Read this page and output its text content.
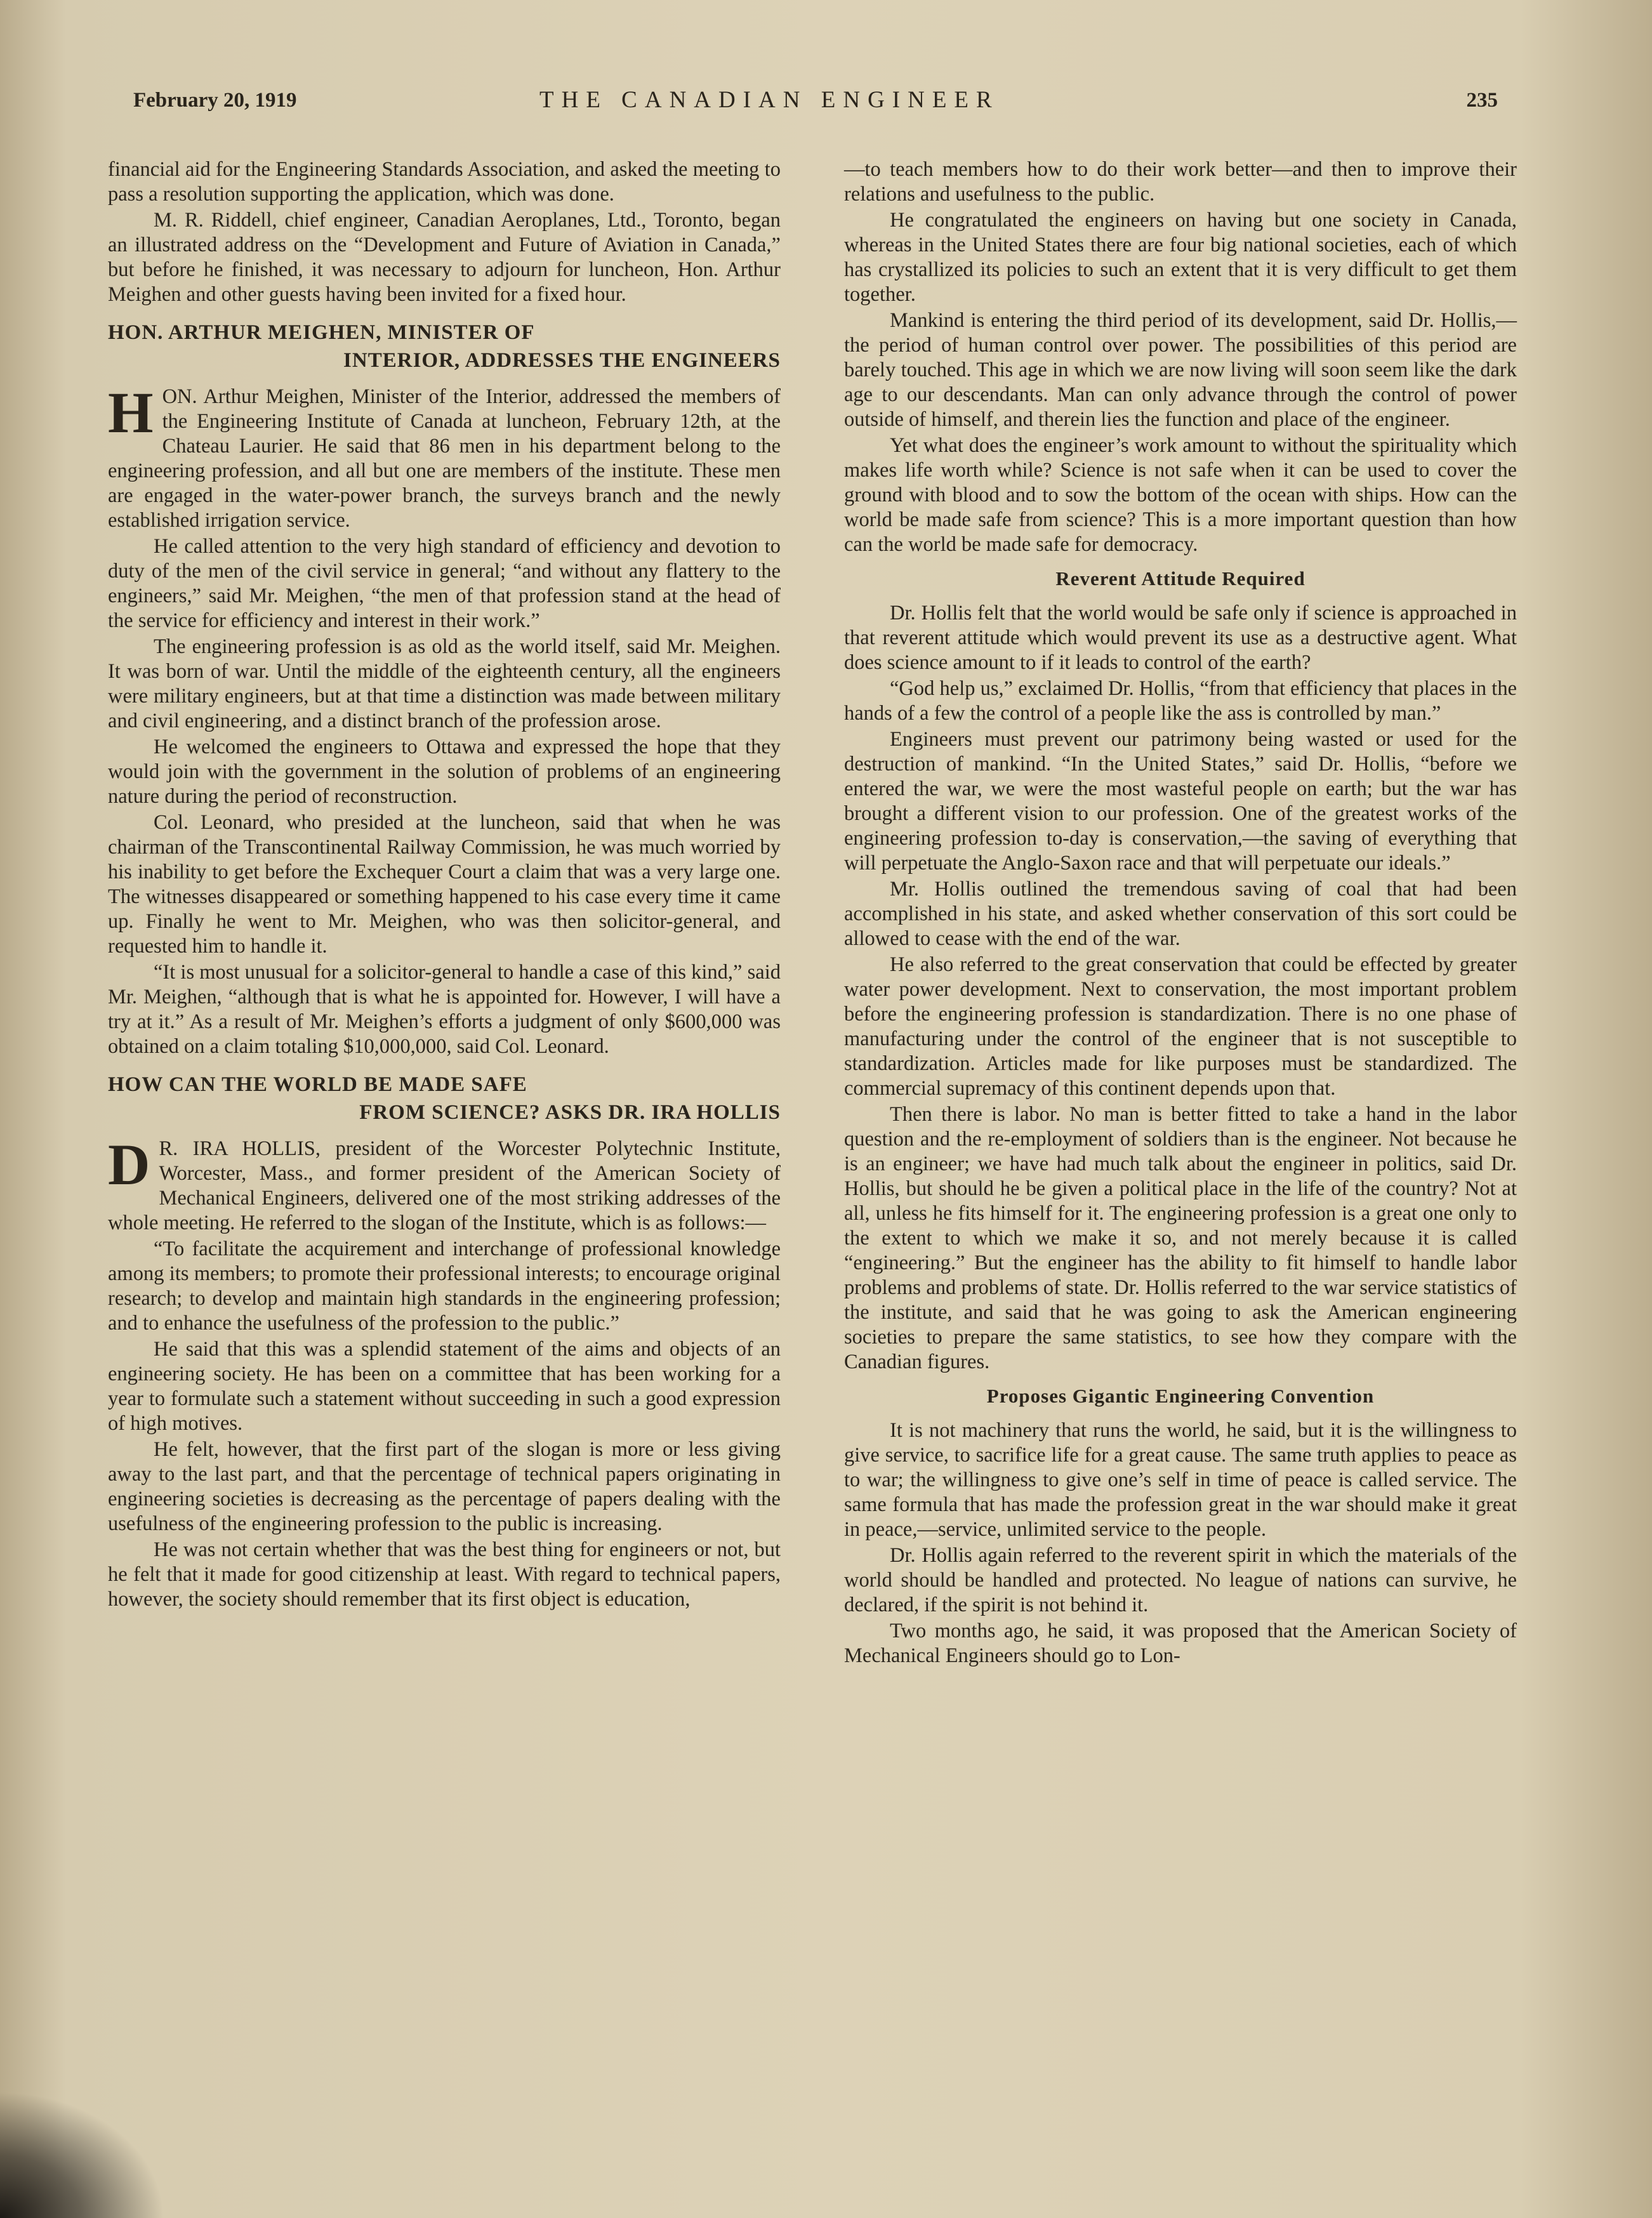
February 20, 1919	THE CANADIAN ENGINEER	235

financial aid for the Engineering Standards Association, and asked the meeting to pass a resolution supporting the application, which was done.

M. R. Riddell, chief engineer, Canadian Aeroplanes, Ltd., Toronto, began an illustrated address on the “Development and Future of Aviation in Canada,” but before he finished, it was necessary to adjourn for luncheon, Hon. Arthur Meighen and other guests having been invited for a fixed hour.

HON. ARTHUR MEIGHEN, MINISTER OF
INTERIOR, ADDRESSES THE ENGINEERS

HON. Arthur Meighen, Minister of the Interior, addressed the members of the Engineering Institute of Canada at luncheon, February 12th, at the Chateau Laurier. He said that 86 men in his department belong to the engineering profession, and all but one are members of the institute. These men are engaged in the water-power branch, the surveys branch and the newly established irrigation service.

He called attention to the very high standard of efficiency and devotion to duty of the men of the civil service in general; “and without any flattery to the engineers,” said Mr. Meighen, “the men of that profession stand at the head of the service for efficiency and interest in their work.”

The engineering profession is as old as the world itself, said Mr. Meighen. It was born of war. Until the middle of the eighteenth century, all the engineers were military engineers, but at that time a distinction was made between military and civil engineering, and a distinct branch of the profession arose.

He welcomed the engineers to Ottawa and expressed the hope that they would join with the government in the solution of problems of an engineering nature during the period of reconstruction.

Col. Leonard, who presided at the luncheon, said that when he was chairman of the Transcontinental Railway Commission, he was much worried by his inability to get before the Exchequer Court a claim that was a very large one. The witnesses disappeared or something happened to his case every time it came up. Finally he went to Mr. Meighen, who was then solicitor-general, and requested him to handle it.

“It is most unusual for a solicitor-general to handle a case of this kind,” said Mr. Meighen, “although that is what he is appointed for. However, I will have a try at it.” As a result of Mr. Meighen’s efforts a judgment of only $600,000 was obtained on a claim totaling $10,000,000, said Col. Leonard.

HOW CAN THE WORLD BE MADE SAFE
FROM SCIENCE? ASKS DR. IRA HOLLIS

D R. IRA HOLLIS, president of the Worcester Polytechnic Institute, Worcester, Mass., and former president of the American Society of Mechanical Engineers, delivered one of the most striking addresses of the whole meeting. He referred to the slogan of the Institute, which is as follows:—

“To facilitate the acquirement and interchange of professional knowledge among its members; to promote their professional interests; to encourage original research; to develop and maintain high standards in the engineering profession; and to enhance the usefulness of the profession to the public.”

He said that this was a splendid statement of the aims and objects of an engineering society. He has been on a committee that has been working for a year to formulate such a statement without succeeding in such a good expression of high motives.

He felt, however, that the first part of the slogan is more or less giving away to the last part, and that the percentage of technical papers originating in engineering societies is decreasing as the percentage of papers dealing with the usefulness of the engineering profession to the public is increasing.

He was not certain whether that was the best thing for engineers or not, but he felt that it made for good citizenship at least. With regard to technical papers, however, the society should remember that its first object is education,

—to teach members how to do their work better—and then to improve their relations and usefulness to the public.

He congratulated the engineers on having but one society in Canada, whereas in the United States there are four big national societies, each of which has crystallized its policies to such an extent that it is very difficult to get them together.

Mankind is entering the third period of its development, said Dr. Hollis,—the period of human control over power. The possibilities of this period are barely touched. This age in which we are now living will soon seem like the dark age to our descendants. Man can only advance through the control of power outside of himself, and therein lies the function and place of the engineer.

Yet what does the engineer’s work amount to without the spirituality which makes life worth while? Science is not safe when it can be used to cover the ground with blood and to sow the bottom of the ocean with ships. How can the world be made safe from science? This is a more important question than how can the world be made safe for democracy.

Reverent Attitude Required

Dr. Hollis felt that the world would be safe only if science is approached in that reverent attitude which would prevent its use as a destructive agent. What does science amount to if it leads to control of the earth?

“God help us,” exclaimed Dr. Hollis, “from that efficiency that places in the hands of a few the control of a people like the ass is controlled by man.”

Engineers must prevent our patrimony being wasted or used for the destruction of mankind. “In the United States,” said Dr. Hollis, “before we entered the war, we were the most wasteful people on earth; but the war has brought a different vision to our profession. One of the greatest works of the engineering profession to-day is conservation,—the saving of everything that will perpetuate the Anglo-Saxon race and that will perpetuate our ideals.”

Mr. Hollis outlined the tremendous saving of coal that had been accomplished in his state, and asked whether conservation of this sort could be allowed to cease with the end of the war.

He also referred to the great conservation that could be effected by greater water power development. Next to conservation, the most important problem before the engineering profession is standardization. There is no one phase of manufacturing under the control of the engineer that is not susceptible to standardization. Articles made for like purposes must be standardized. The commercial supremacy of this continent depends upon that.

Then there is labor. No man is better fitted to take a hand in the labor question and the re-employment of soldiers than is the engineer. Not because he is an engineer; we have had much talk about the engineer in politics, said Dr. Hollis, but should he be given a political place in the life of the country? Not at all, unless he fits himself for it. The engineering profession is a great one only to the extent to which we make it so, and not merely because it is called “engineering.” But the engineer has the ability to fit himself to handle labor problems and problems of state. Dr. Hollis referred to the war service statistics of the institute, and said that he was going to ask the American engineering societies to prepare the same statistics, to see how they compare with the Canadian figures.

Proposes Gigantic Engineering Convention

It is not machinery that runs the world, he said, but it is the willingness to give service, to sacrifice life for a great cause. The same truth applies to peace as to war; the willingness to give one’s self in time of peace is called service. The same formula that has made the profession great in the war should make it great in peace,—service, unlimited service to the people.

Dr. Hollis again referred to the reverent spirit in which the materials of the world should be handled and protected. No league of nations can survive, he declared, if the spirit is not behind it.

Two months ago, he said, it was proposed that the American Society of Mechanical Engineers should go to Lon-
